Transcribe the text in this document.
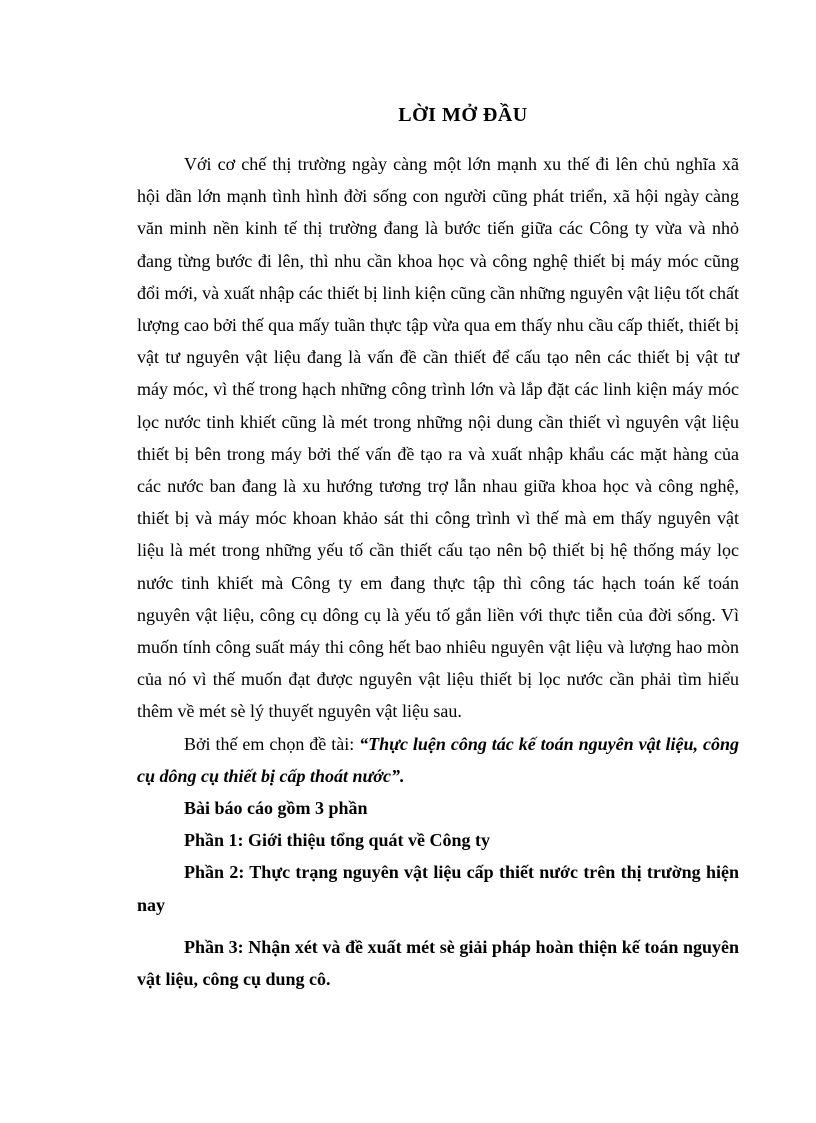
LỜI MỞ ĐẦU

Với cơ chế thị trường ngày càng một lớn mạnh xu thế đi lên chủ nghĩa xã hội dần lớn mạnh tình hình đời sống con người cũng phát triển, xã hội ngày càng văn minh nền kinh tế thị trường đang là bước tiến giữa các Công ty vừa và nhỏ đang từng bước đi lên, thì nhu cần khoa học và công nghệ thiết bị máy móc cũng đổi mới, và xuất nhập các thiết bị linh kiện cũng cần những nguyên vật liệu tốt chất lượng cao bởi thế qua mấy tuần thực tập vừa qua em thấy nhu cầu cấp thiết, thiết bị vật tư nguyên vật liệu đang là vấn đề cần thiết để cấu tạo nên các thiết bị vật tư máy móc, vì thế trong hạch những công trình lớn và lắp đặt các linh kiện máy móc lọc nước tinh khiết cũng là mét trong những nội dung cần thiết vì nguyên vật liệu thiết bị bên trong máy bởi thế vấn đề tạo ra và xuất nhập khẩu các mặt hàng của các nước ban đang là xu hướng tương trợ lẫn nhau giữa khoa học và công nghệ, thiết bị và máy móc khoan khảo sát thi công trình vì thế mà em thấy nguyên vật liệu là mét trong những yếu tố cần thiết cấu tạo nên bộ thiết bị hệ thống máy lọc nước tinh khiết mà Công ty em đang thực tập thì công tác hạch toán kế toán nguyên vật liệu, công cụ dông cụ là yếu tố gắn liền với thực tiễn của đời sống. Vì muốn tính công suất máy thi công hết bao nhiêu nguyên vật liệu và lượng hao mòn của nó vì thế muốn đạt được nguyên vật liệu thiết bị lọc nước cần phải tìm hiểu thêm về mét sè lý thuyết nguyên vật liệu sau.

Bởi thế em chọn đề tài: “Thực luện công tác kế toán nguyên vật liệu, công cụ dông cụ thiết bị cấp thoát nước”.

Bài báo cáo gồm 3 phần

Phần 1: Giới thiệu tổng quát về Công ty

Phần 2: Thực trạng nguyên vật liệu cấp thiết nước trên thị trường hiện nay

Phần 3: Nhận xét và đề xuất mét sè giải pháp hoàn thiện kế toán nguyên vật liệu, công cụ dung cô.
